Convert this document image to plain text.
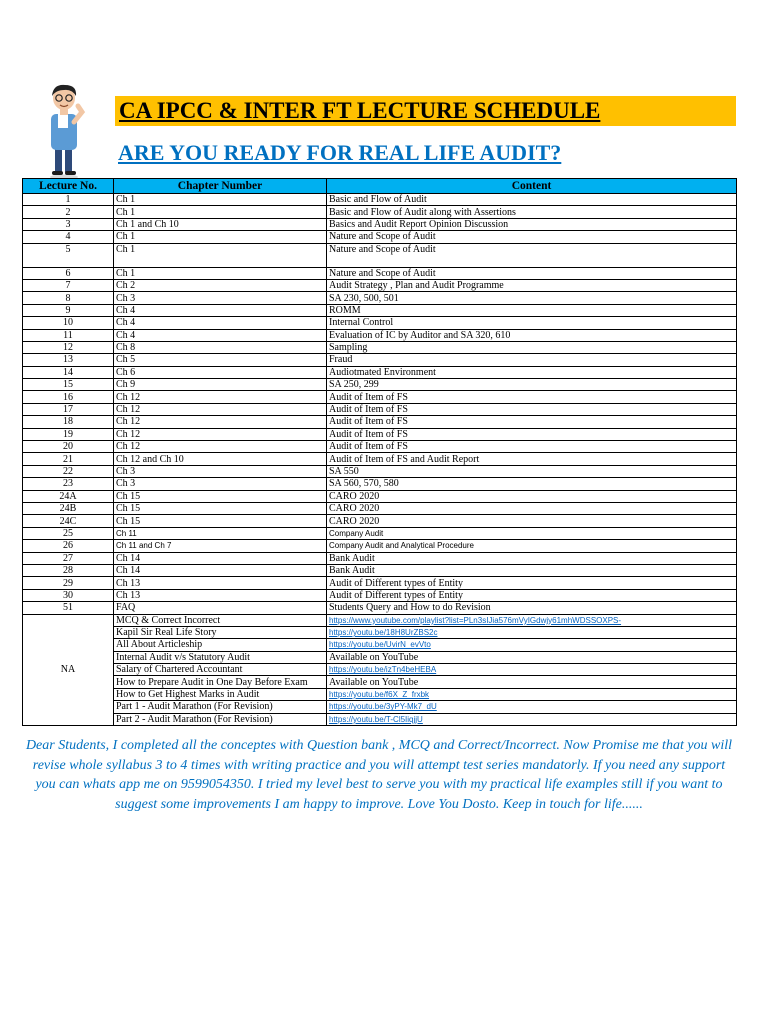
CA IPCC & INTER FT LECTURE SCHEDULE
ARE YOU READY FOR REAL LIFE AUDIT?
Lecture No.	Chapter Number	Content
1	Ch 1	Basic and Flow of Audit
2	Ch 1	Basic and Flow of Audit along with Assertions
3	Ch 1 and Ch 10	Basics and Audit Report Opinion Discussion
4	Ch 1	Nature and Scope of Audit
5	Ch 1	Nature and Scope of Audit
6	Ch 1	Nature and Scope of Audit
7	Ch 2	Audit Strategy , Plan and Audit Programme
8	Ch 3	SA 230, 500, 501
9	Ch 4	ROMM
10	Ch 4	Internal Control
11	Ch 4	Evaluation of IC by Auditor and SA 320, 610
12	Ch 8	Sampling
13	Ch 5	Fraud
14	Ch 6	Audiotmated Environment
15	Ch 9	SA 250, 299
16	Ch 12	Audit of Item of FS
17	Ch 12	Audit of Item of FS
18	Ch 12	Audit of Item of FS
19	Ch 12	Audit of Item of FS
20	Ch 12	Audit of Item of FS
21	Ch 12 and Ch 10	Audit of Item of FS and Audit Report
22	Ch 3	SA 550
23	Ch 3	SA 560, 570, 580
24A	Ch 15	CARO 2020
24B	Ch 15	CARO 2020
24C	Ch 15	CARO 2020
25	Ch 11	Company Audit
26	Ch 11 and Ch 7	Company Audit and Analytical Procedure
27	Ch 14	Bank Audit
28	Ch 14	Bank Audit
29	Ch 13	Audit of Different types of Entity
30	Ch 13	Audit of Different types of Entity
51	FAQ	Students Query and How to do Revision
NA	MCQ & Correct Incorrect	https://www.youtube.com/playlist?list=PLn3sIJia576mVyIGdwjy61mhWDSSOXPS-
	Kapil Sir Real Life Story	https://youtu.be/18H8UrZBS2c
	All About Articleship	https://youtu.be/UvirN_evVto
	Internal Audit v/s Statutory Audit	Available on YouTube
	Salary of Chartered Accountant	https://youtu.be/izTn4beHEBA
	How to Prepare Audit in One Day Before Exam	Available on YouTube
	How to Get Highest Marks in Audit	https://youtu.be/f6X_Z_frxbk
	Part 1 - Audit Marathon (For Revision)	https://youtu.be/3yPY-Mk7_dU
	Part 2 - Audit Marathon (For Revision)	https://youtu.be/T-Cl5IiqjjU
Dear Students, I completed all the conceptes with Question bank , MCQ and Correct/Incorrect. Now Promise me that you will revise whole syllabus 3 to 4 times with writing practice and you will attempt test series mandatorly. If you need any support you can whats app me on 9599054350. I tried my level best to serve you with my practical life examples still if you want to suggest some improvements I am happy to improve. Love You Dosto. Keep in touch for life......
